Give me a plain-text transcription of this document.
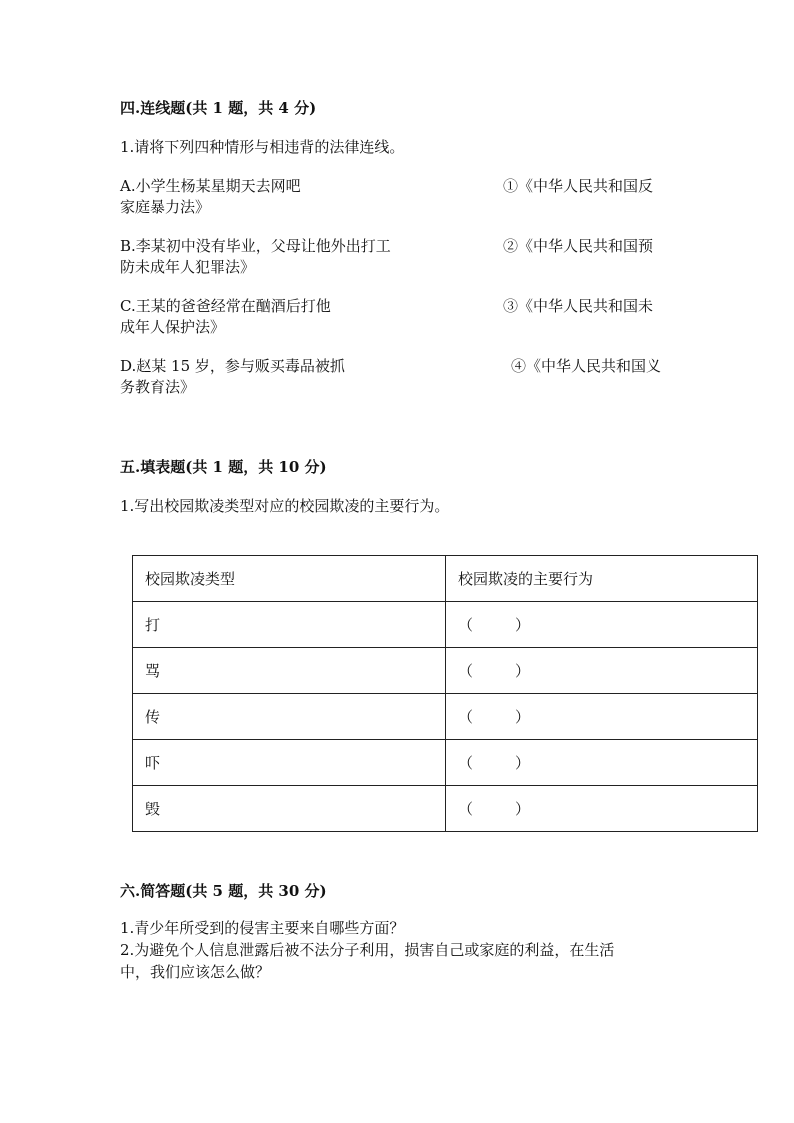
四.连线题(共 1 题，共 4 分)
1.请将下列四种情形与相违背的法律连线。
A.小学生杨某星期天去网吧	①《中华人民共和国反
家庭暴力法》
B.李某初中没有毕业，父母让他外出打工	②《中华人民共和国预
防未成年人犯罪法》
C.王某的爸爸经常在酗酒后打他	③《中华人民共和国未
成年人保护法》
D.赵某 15 岁，参与贩买毒品被抓	④《中华人民共和国义
务教育法》
五.填表题(共 1 题，共 10 分)
1.写出校园欺凌类型对应的校园欺凌的主要行为。
校园欺凌类型	校园欺凌的主要行为
打	（ ）

骂	（ ）

传	（ ）

吓	（ ）

毁	（ ）
六.简答题(共 5 题，共 30 分)
1.青少年所受到的侵害主要来自哪些方面？
2.为避免个人信息泄露后被不法分子利用，损害自己或家庭的利益，在生活
中，我们应该怎么做？
